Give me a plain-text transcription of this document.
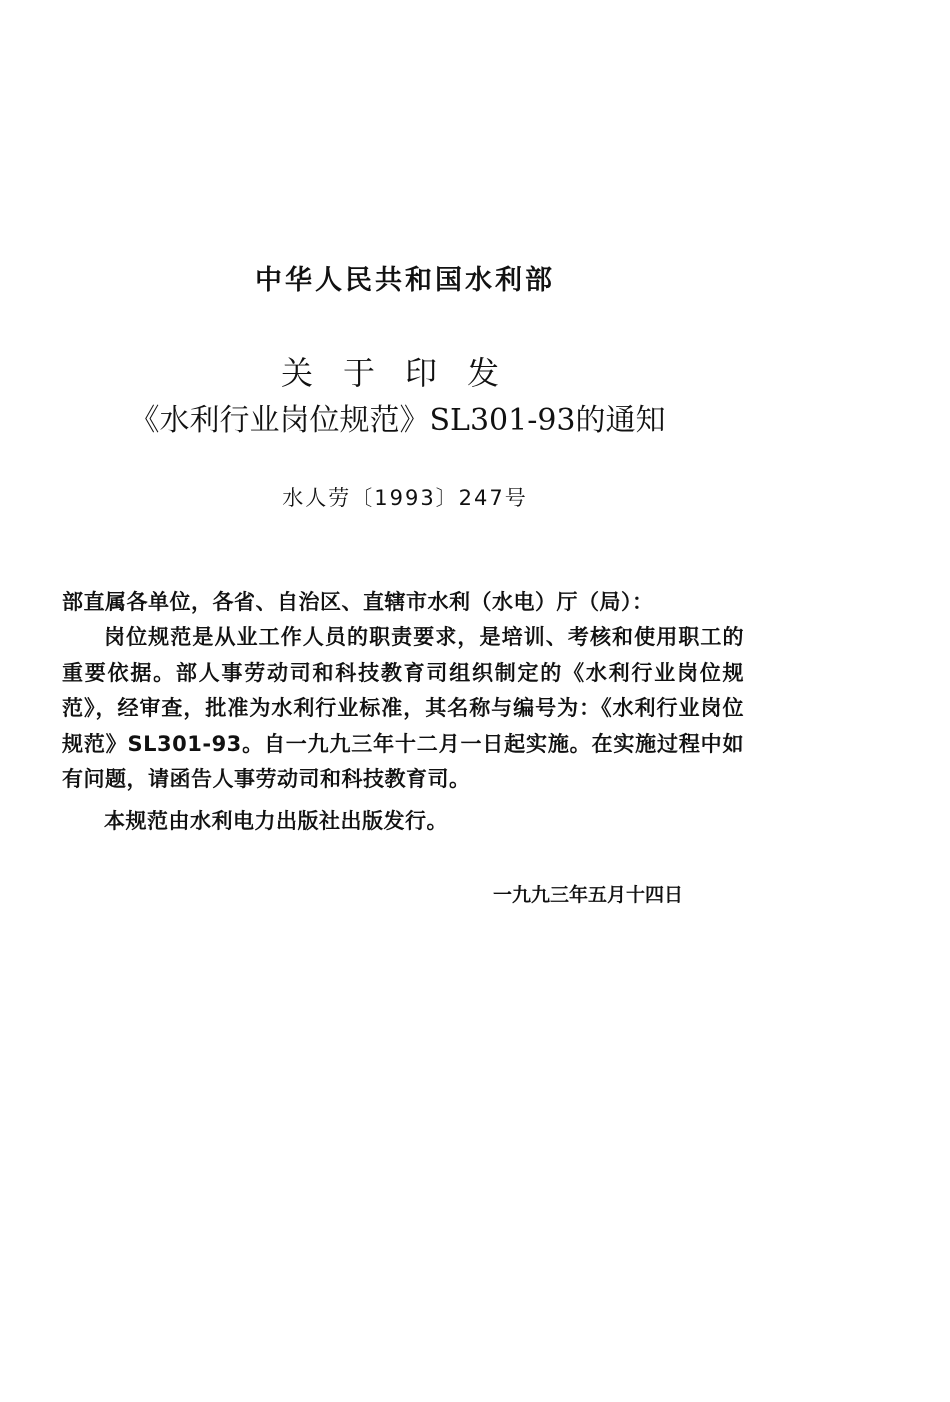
中华人民共和国水利部
关于印发
《水利行业岗位规范》SL301-93的通知
水人劳〔1993〕247号
部直属各单位，各省、自治区、直辖市水利（水电）厅（局）：
岗位规范是从业工作人员的职责要求，是培训、考核和使用职工的重要依据。部人事劳动司和科技教育司组织制定的《水利行业岗位规范》，经审查，批准为水利行业标准，其名称与编号为：《水利行业岗位规范》SL301-93。自一九九三年十二月一日起实施。在实施过程中如有问题，请函告人事劳动司和科技教育司。
本规范由水利电力出版社出版发行。
一九九三年五月十四日
